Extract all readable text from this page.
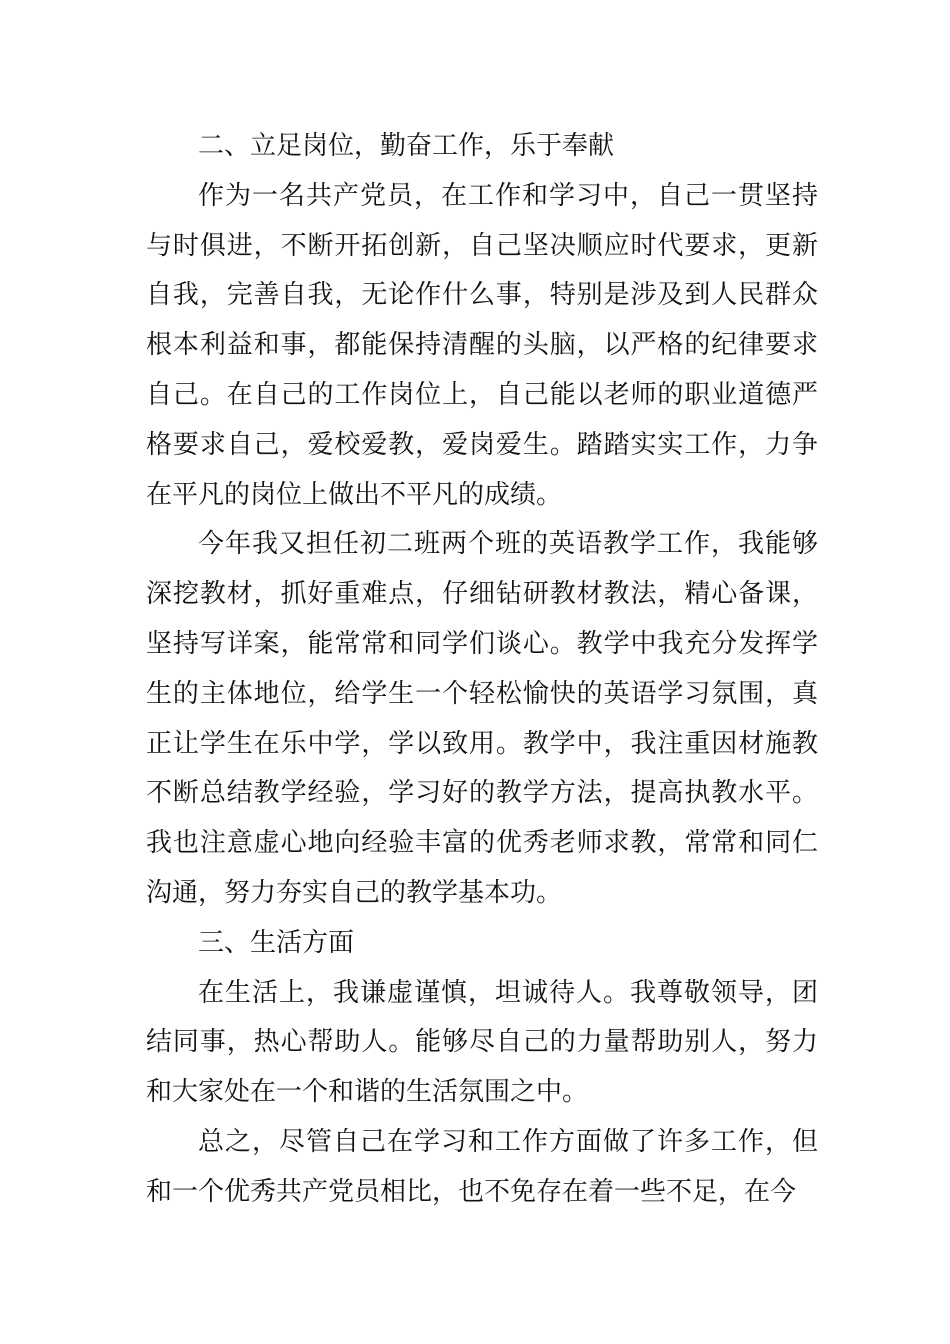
二、立足岗位，勤奋工作，乐于奉献

作为一名共产党员，在工作和学习中，自己一贯坚持与时俱进，不断开拓创新，自己坚决顺应时代要求，更新自我，完善自我，无论作什么事，特别是涉及到人民群众根本利益和事，都能保持清醒的头脑，以严格的纪律要求自己。在自己的工作岗位上，自己能以老师的职业道德严格要求自己，爱校爱教，爱岗爱生。踏踏实实工作，力争在平凡的岗位上做出不平凡的成绩。

今年我又担任初二班两个班的英语教学工作，我能够深挖教材，抓好重难点，仔细钻研教材教法，精心备课，坚持写详案，能常常和同学们谈心。教学中我充分发挥学生的主体地位，给学生一个轻松愉快的英语学习氛围，真正让学生在乐中学，学以致用。教学中，我注重因材施教不断总结教学经验，学习好的教学方法，提高执教水平。我也注意虚心地向经验丰富的优秀老师求教，常常和同仁沟通，努力夯实自己的教学基本功。

三、生活方面

在生活上，我谦虚谨慎，坦诚待人。我尊敬领导，团结同事，热心帮助人。能够尽自己的力量帮助别人，努力和大家处在一个和谐的生活氛围之中。

总之，尽管自己在学习和工作方面做了许多工作，但和一个优秀共产党员相比，也不免存在着一些不足，在今
